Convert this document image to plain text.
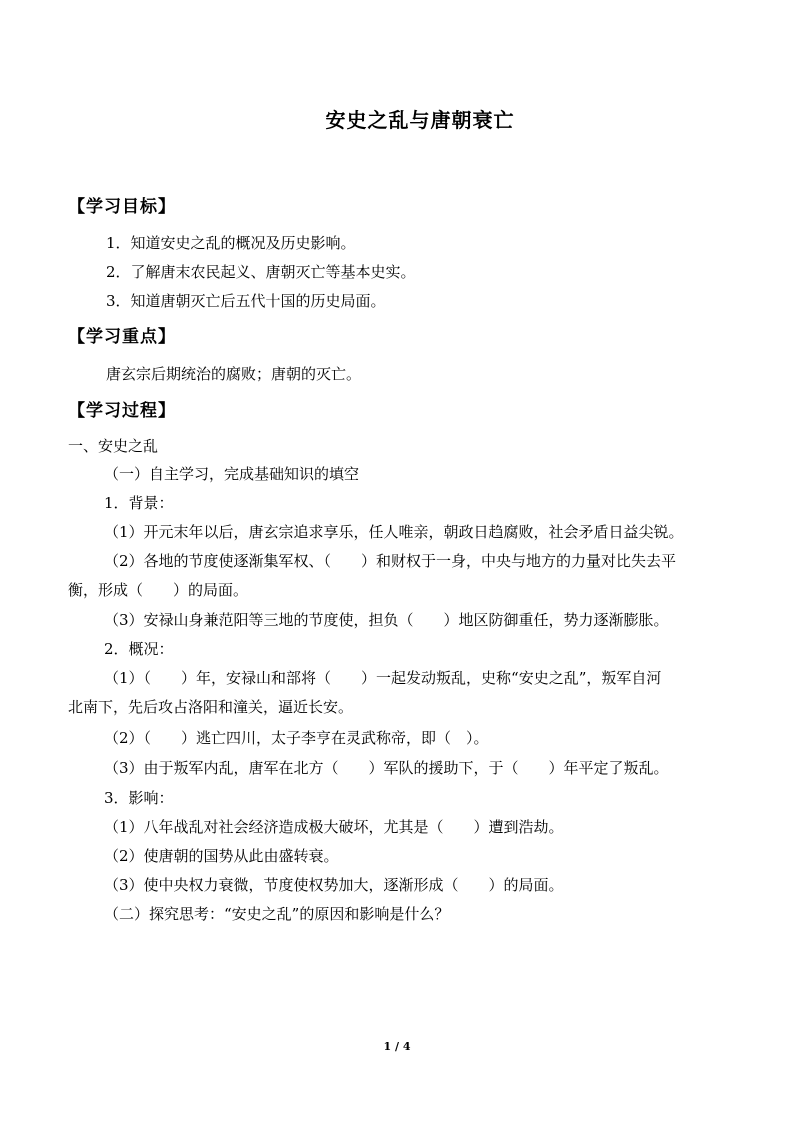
安史之乱与唐朝衰亡
【学习目标】
1．知道安史之乱的概况及历史影响。
2．了解唐末农民起义、唐朝灭亡等基本史实。
3．知道唐朝灭亡后五代十国的历史局面。
【学习重点】
唐玄宗后期统治的腐败；唐朝的灭亡。
【学习过程】
一、安史之乱
（一）自主学习，完成基础知识的填空
1．背景：
（1）开元末年以后，唐玄宗追求享乐，任人唯亲，朝政日趋腐败，社会矛盾日益尖锐。
（2）各地的节度使逐渐集军权、（　　）和财权于一身，中央与地方的力量对比失去平
衡，形成（　　）的局面。
（3）安禄山身兼范阳等三地的节度使，担负（　　）地区防御重任，势力逐渐膨胀。
2．概况：
（1）（　　）年，安禄山和部将（　　）一起发动叛乱，史称“安史之乱”，叛军自河
北南下，先后攻占洛阳和潼关，逼近长安。
（2）（　　）逃亡四川，太子李亨在灵武称帝，即（　）。
（3）由于叛军内乱，唐军在北方（　　）军队的援助下，于（　　）年平定了叛乱。
3．影响：
（1）八年战乱对社会经济造成极大破坏，尤其是（　　）遭到浩劫。
（2）使唐朝的国势从此由盛转衰。
（3）使中央权力衰微，节度使权势加大，逐渐形成（　　）的局面。
（二）探究思考：“安史之乱”的原因和影响是什么？
1 / 4
